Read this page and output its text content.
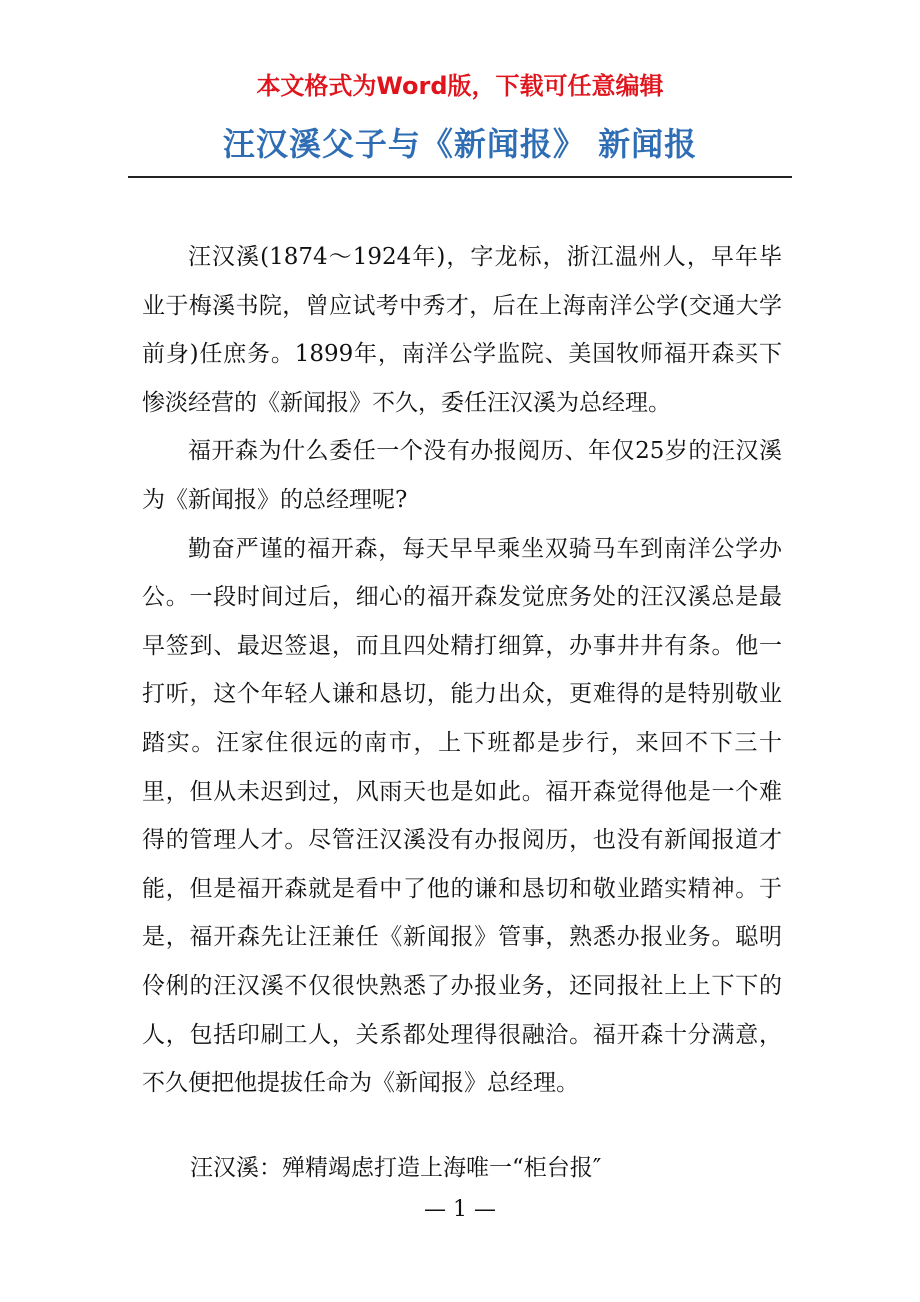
本文格式为Word版，下载可任意编辑
汪汉溪父子与《新闻报》 新闻报

汪汉溪(1874～1924年)，字龙标，浙江温州人，早年毕业于梅溪书院，曾应试考中秀才，后在上海南洋公学(交通大学前身)任庶务。1899年，南洋公学监院、美国牧师福开森买下惨淡经营的《新闻报》不久，委任汪汉溪为总经理。

福开森为什么委任一个没有办报阅历、年仅25岁的汪汉溪为《新闻报》的总经理呢?

勤奋严谨的福开森，每天早早乘坐双骑马车到南洋公学办公。一段时间过后，细心的福开森发觉庶务处的汪汉溪总是最早签到、最迟签退，而且四处精打细算，办事井井有条。他一打听，这个年轻人谦和恳切，能力出众，更难得的是特别敬业踏实。汪家住很远的南市，上下班都是步行，来回不下三十里，但从未迟到过，风雨天也是如此。福开森觉得他是一个难得的管理人才。尽管汪汉溪没有办报阅历，也没有新闻报道才能，但是福开森就是看中了他的谦和恳切和敬业踏实精神。于是，福开森先让汪兼任《新闻报》管事，熟悉办报业务。聪明伶俐的汪汉溪不仅很快熟悉了办报业务，还同报社上上下下的人，包括印刷工人，关系都处理得很融洽。福开森十分满意，不久便把他提拔任命为《新闻报》总经理。

汪汉溪：殚精竭虑打造上海唯一“柜台报″
— 1 —
